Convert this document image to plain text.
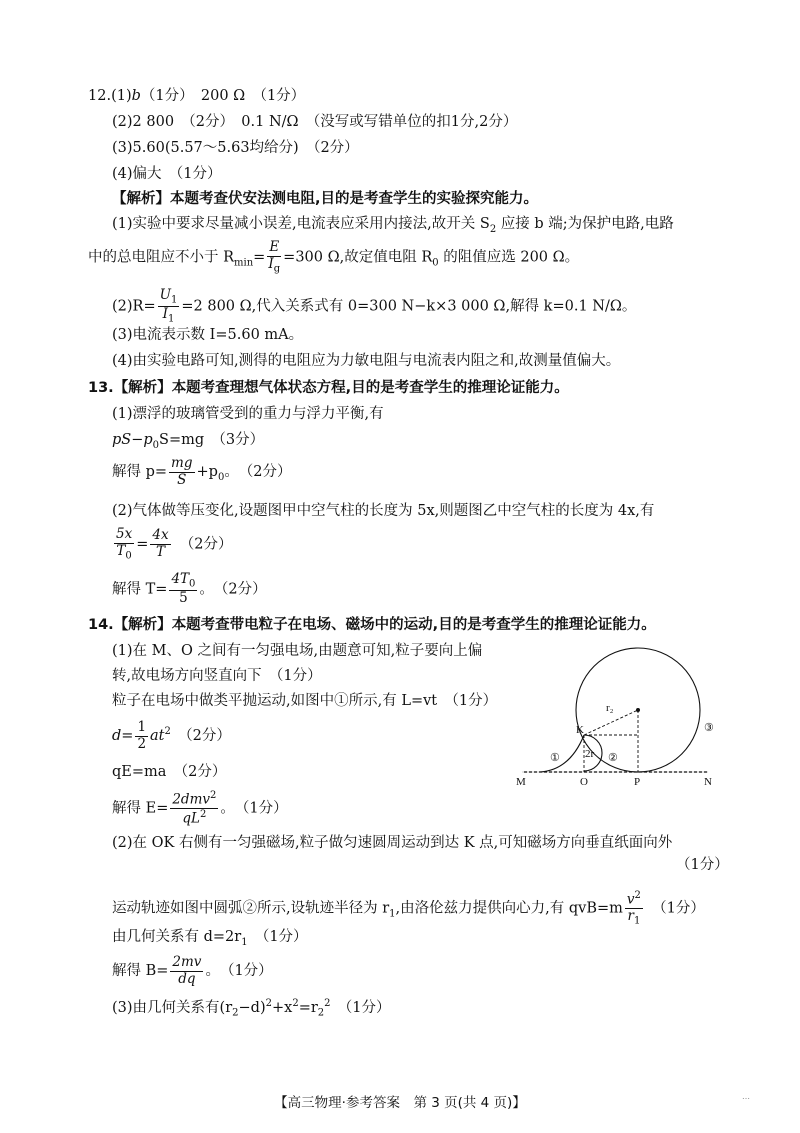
12.(1)b（1分）　200 Ω　（1分）
(2)2 800　（2分）　0.1 N/Ω　（没写或写错单位的扣1分,2分）
(3)5.60(5.57～5.63均给分)　（2分）
(4)偏大　（1分）
【解析】本题考查伏安法测电阻,目的是考查学生的实验探究能力。
(1)实验中要求尽量减小误差,电流表应采用内接法,故开关 $S_2$ 应接 b 端;为保护电路,电路
中的总电阻应不小于 $R_{min}= \frac{E}{I_g} =300$ Ω,故定值电阻 $R_0$ 的阻值应选 200 Ω。
$(2)R= \frac{U_1}{I_1} =2$ 800 Ω,代入关系式有 0=300 N−k×3 000 Ω,解得 k=0.1 N/Ω。
(3)电流表示数 I=5.60 mA。
(4)由实验电路可知,测得的电阻应为力敏电阻与电流表内阻之和,故测量值偏大。
13.【解析】本题考查理想气体状态方程,目的是考查学生的推理论证能力。
(1)漂浮的玻璃管受到的重力与浮力平衡,有
$pS-p_0S=mg$　（3分）
解得 $p= \frac{mg}{S} +p_0$。　（2分）
(2)气体做等压变化,设题图甲中空气柱的长度为 5x,则题图乙中空气柱的长度为 4x,有
$\frac{5x}{T_0} = \frac{4x}{T}$ 　（2分）
解得 $T= \frac{4T_0}{5}$ 。　（2分）
14.【解析】本题考查带电粒子在电场、磁场中的运动,目的是考查学生的推理论证能力。
(1)在 M、O 之间有一匀强电场,由题意可知,粒子要向上偏
转,故电场方向竖直向下　（1分）
粒子在电场中做类平抛运动,如图中①所示,有 L=vt　（1分）
$d= \frac{1}{2} at^2$　（2分）
qE=ma　（2分）
解得 $E= \frac{2dmv^2}{qL^2}$ 。　（1分）
(2)在 OK 右侧有一匀强磁场,粒子做匀速圆周运动到达 K 点,可知磁场方向垂直纸面向外
（1分）
运动轨迹如图中圆弧②所示,设轨迹半径为 $r_1$,由洛伦兹力提供向心力,有 $qvB=m \frac{v^2}{r_1}$ 　（1分）
由几何关系有 $d=2r_1$　（1分）
解得 $B= \frac{2mv}{dq}$ 。　（1分）
(3)由几何关系有$(r_2-d)^2+x^2=r_2^2$　（1分）
r₂
K
2r
①	②
③
M	O	P	N
【高三物理·参考答案　第 3 页(共 4 页)】	…
